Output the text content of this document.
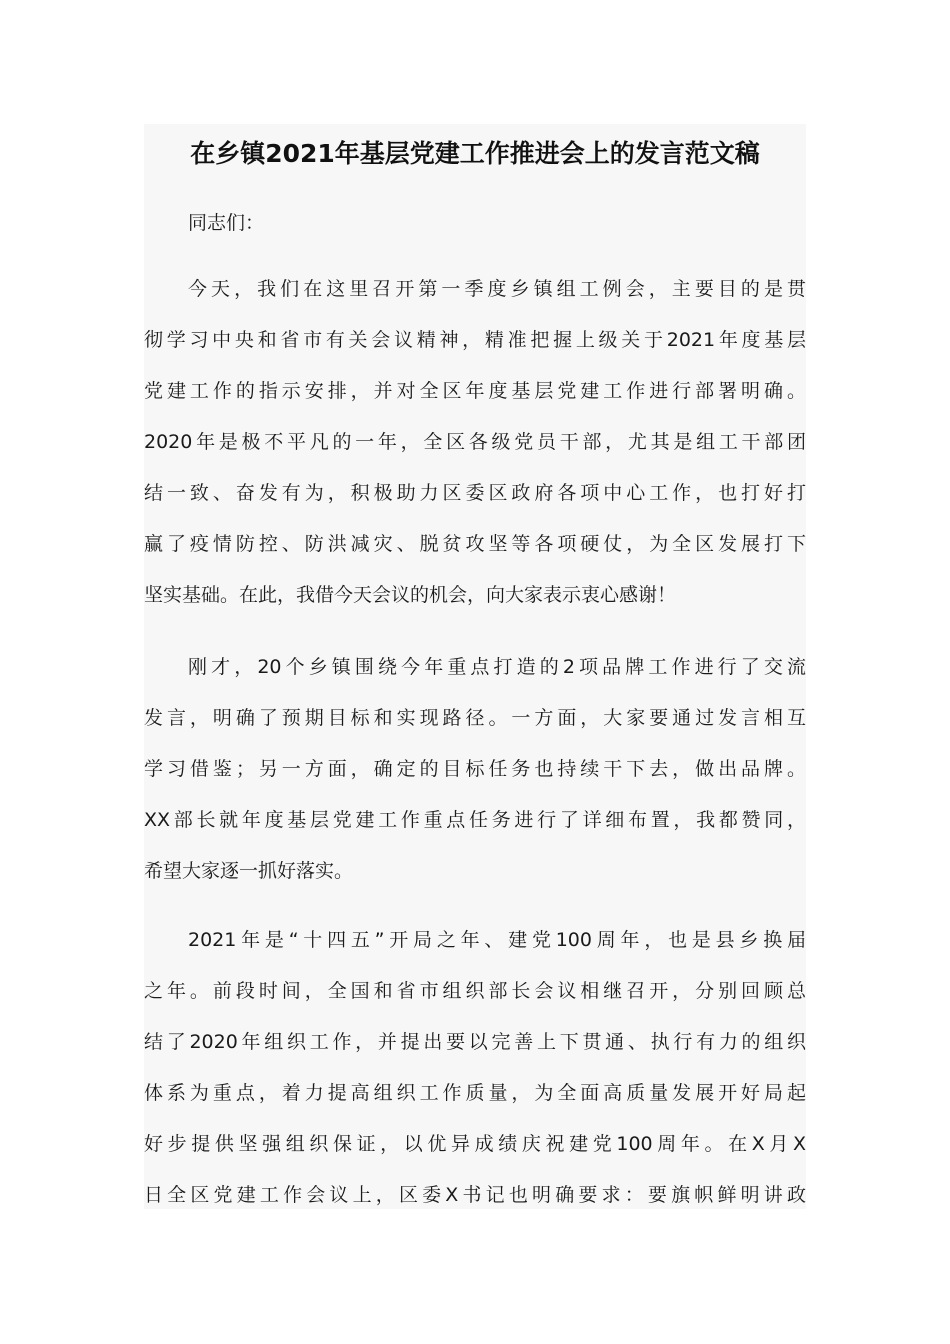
在乡镇2021年基层党建工作推进会上的发言范文稿
同志们：
今天，我们在这里召开第一季度乡镇组工例会，主要目的是贯
彻学习中央和省市有关会议精神，精准把握上级关于2021年度基层
党建工作的指示安排，并对全区年度基层党建工作进行部署明确。
2020年是极不平凡的一年，全区各级党员干部，尤其是组工干部团
结一致、奋发有为，积极助力区委区政府各项中心工作，也打好打
赢了疫情防控、防洪减灾、脱贫攻坚等各项硬仗，为全区发展打下
坚实基础。在此，我借今天会议的机会，向大家表示衷心感谢！
刚才，20个乡镇围绕今年重点打造的2项品牌工作进行了交流
发言，明确了预期目标和实现路径。一方面，大家要通过发言相互
学习借鉴；另一方面，确定的目标任务也持续干下去，做出品牌。
XX部长就年度基层党建工作重点任务进行了详细布置，我都赞同，
希望大家逐一抓好落实。
2021年是“十四五”开局之年、建党100周年，也是县乡换届
之年。前段时间，全国和省市组织部长会议相继召开，分别回顾总
结了2020年组织工作，并提出要以完善上下贯通、执行有力的组织
体系为重点，着力提高组织工作质量，为全面高质量发展开好局起
好步提供坚强组织保证，以优异成绩庆祝建党100周年。在X月X
日全区党建工作会议上，区委X书记也明确要求：要旗帜鲜明讲政
